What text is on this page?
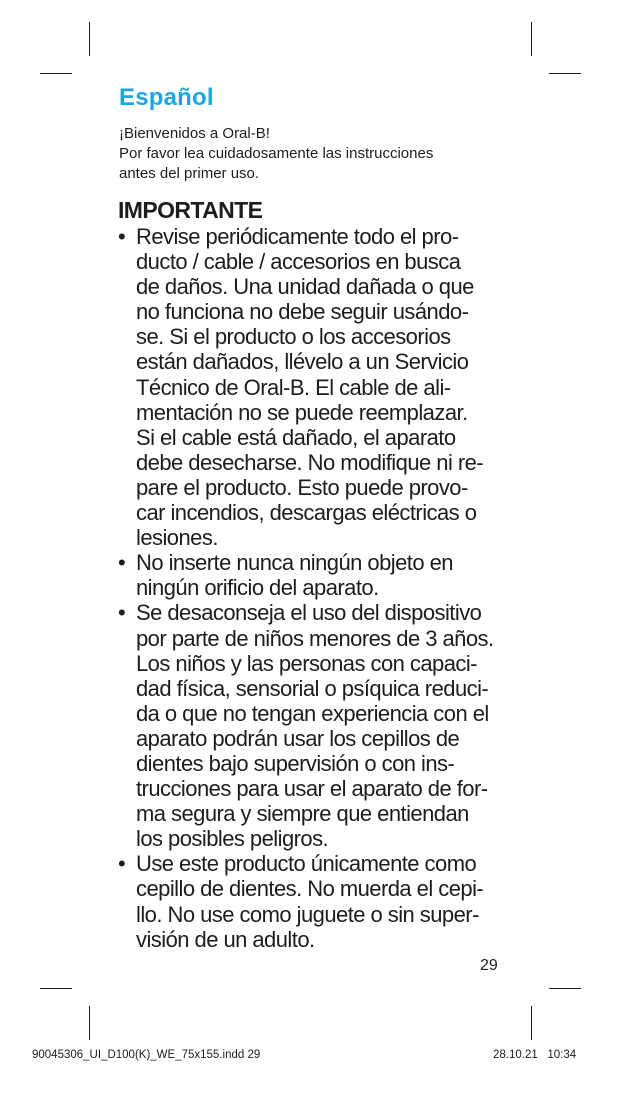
Español
¡Bienvenidos a Oral-B!
Por favor lea cuidadosamente las instrucciones
antes del primer uso.
IMPORTANTE
• Revise periódicamente todo el pro-
ducto / cable / accesorios en busca
de daños. Una unidad dañada o que
no funciona no debe seguir usándo-
se. Si el producto o los accesorios
están dañados, llévelo a un Servicio
Técnico de Oral-B. El cable de ali-
mentación no se puede reemplazar.
Si el cable está dañado, el aparato
debe desecharse. No modifique ni re-
pare el producto. Esto puede provo-
car incendios, descargas eléctricas o
lesiones.
• No inserte nunca ningún objeto en
ningún orificio del aparato.
• Se desaconseja el uso del dispositivo
por parte de niños menores de 3 años.
Los niños y las personas con capaci-
dad física, sensorial o psíquica reduci-
da o que no tengan experiencia con el
aparato podrán usar los cepillos de
dientes bajo supervisión o con ins-
trucciones para usar el aparato de for-
ma segura y siempre que entiendan
los posibles peligros.
• Use este producto únicamente como
cepillo de dientes. No muerda el cepi-
llo. No use como juguete o sin super-
visión de un adulto.
29
90045306_UI_D100(K)_WE_75x155.indd 29	28.10.21   10:34
